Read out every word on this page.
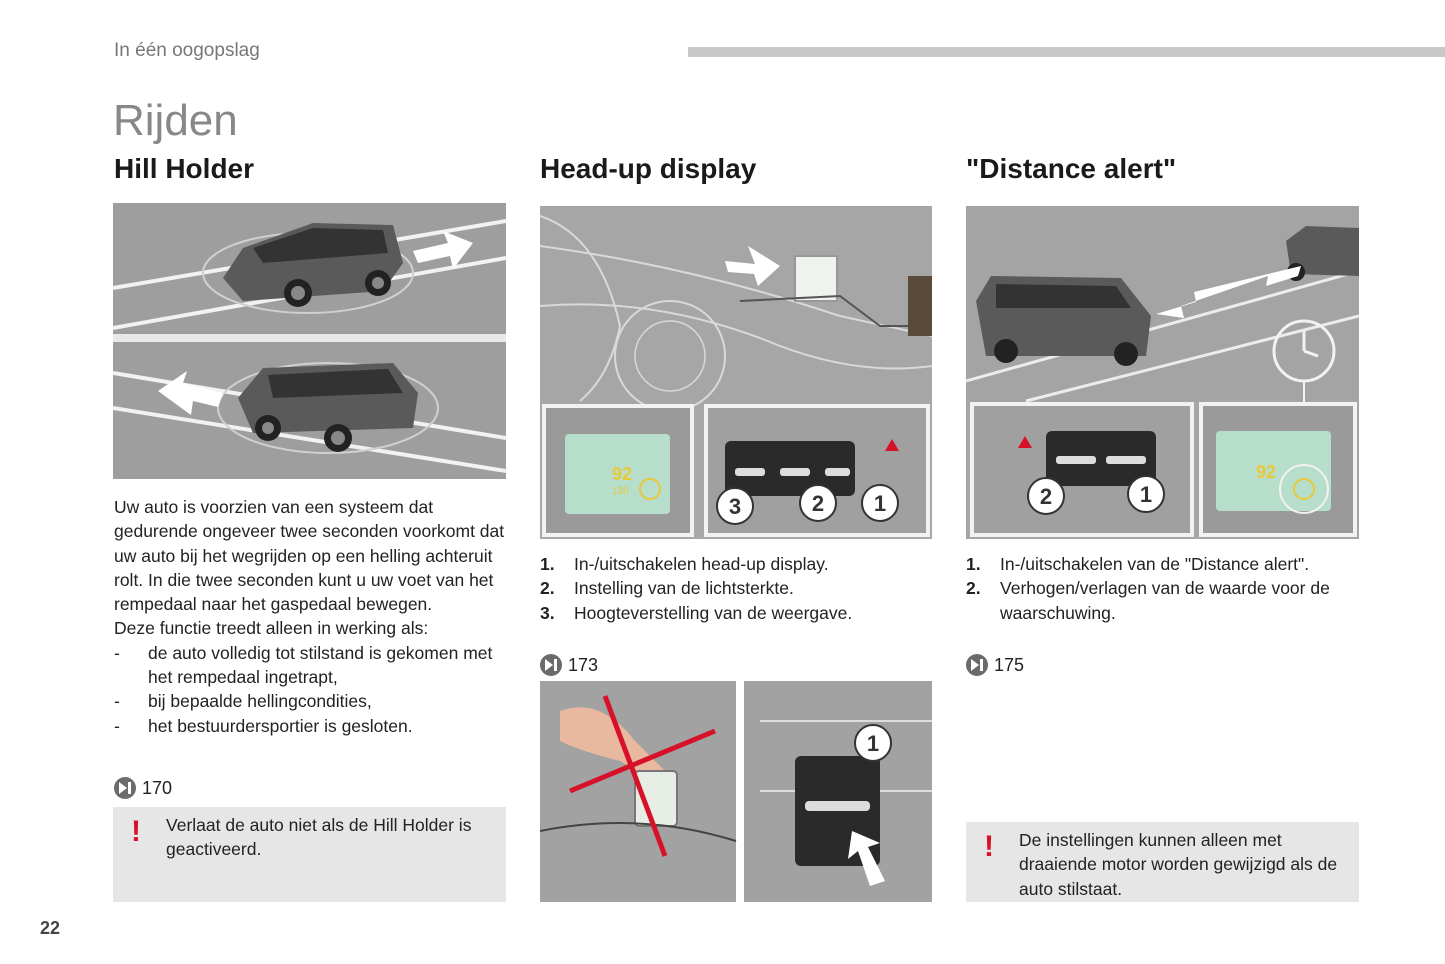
In één oogopslag
Rijden
Hill Holder	Head-up display	"Distance alert"

Uw auto is voorzien van een systeem dat gedurende ongeveer twee seconden voorkomt dat uw auto bij het wegrijden op een helling achteruit rolt. In die twee seconden kunt u uw voet van het rempedaal naar het gaspedaal bewegen.

Deze functie treedt alleen in werking als:

- de auto volledig tot stilstand is gekomen met het rempedaal ingetrapt,
- bij bepaalde hellingcondities,
- het bestuurdersportier is gesloten.
170
! Verlaat de auto niet als de Hill Holder is geactiveerd.
92
130
3	2 1
1. In-/uitschakelen head-up display.
2. Instelling van de lichtsterkte.
3. Hoogteverstelling van de weergave.
173
1
2	1
92
1. In-/uitschakelen van de "Distance alert".
2. Verhogen/verlagen van de waarde voor de waarschuwing.
175
! De instellingen kunnen alleen met draaiende motor worden gewijzigd als de auto stilstaat.
22
